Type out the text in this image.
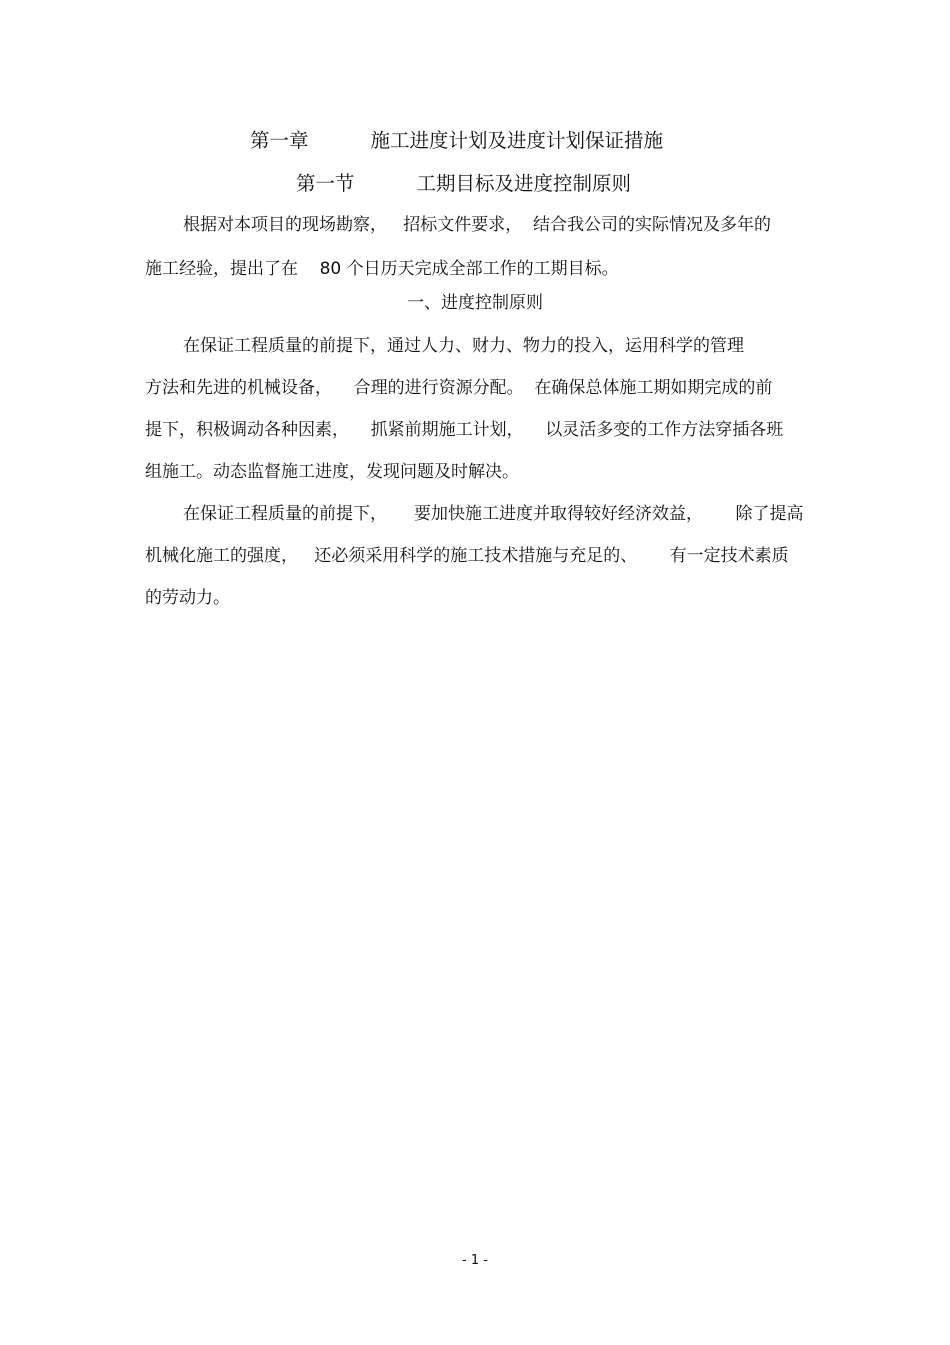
第一章          施工进度计划及进度计划保证措施
第一节          工期目标及进度控制原则
根据对本项目的现场勘察，   招标文件要求，  结合我公司的实际情况及多年的
施工经验，提出了在    80 个日历天完成全部工作的工期目标。
一、进度控制原则
在保证工程质量的前提下，通过人力、财力、物力的投入，运用科学的管理
方法和先进的机械设备，    合理的进行资源分配。  在确保总体施工期如期完成的前
提下，积极调动各种因素，    抓紧前期施工计划，    以灵活多变的工作方法穿插各班
组施工。动态监督施工进度，发现问题及时解决。
在保证工程质量的前提下，     要加快施工进度并取得较好经济效益，      除了提高
机械化施工的强度，   还必须采用科学的施工技术措施与充足的、      有一定技术素质
的劳动力。
- 1 -
